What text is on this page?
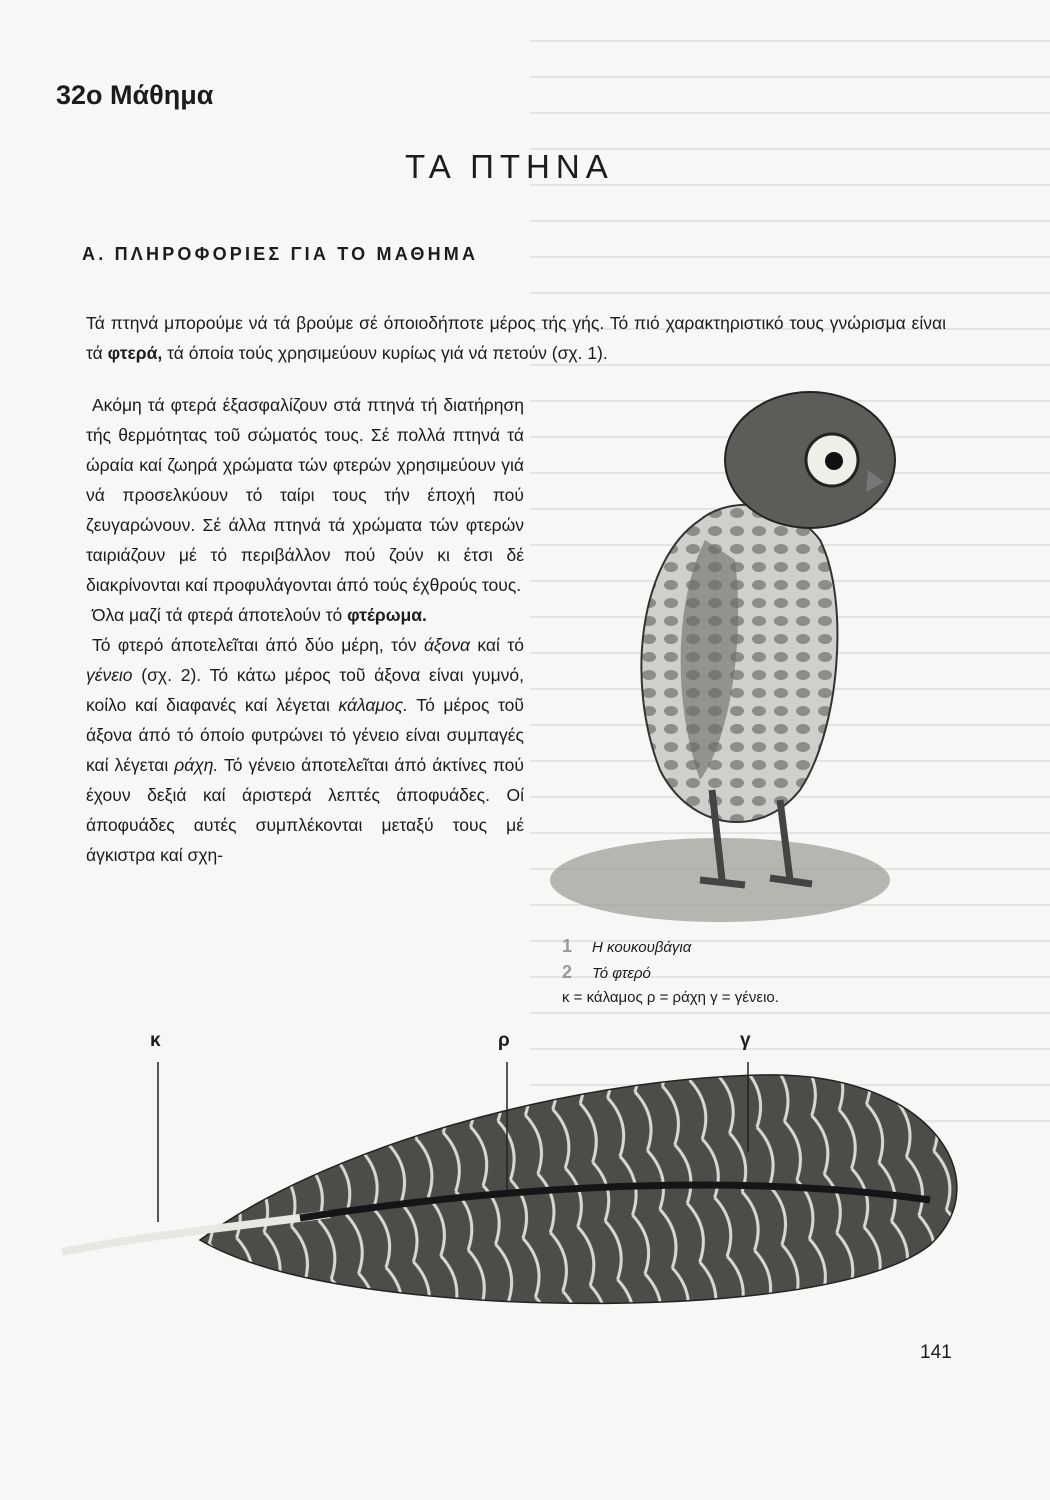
32ο Μάθημα
ΤΑ ΠΤΗΝΑ
Α. ΠΛΗΡΟΦΟΡΙΕΣ ΓΙΑ ΤΟ ΜΑΘΗΜΑ
Τά πτηνά μπορούμε νά τά βρούμε σέ όποιοδήποτε μέρος τής γής. Τό πιό χαρακτηριστικό τους γνώρισμα είναι τά φτερά, τά όποία τούς χρησιμεύουν κυρίως γιά νά πετούν (σχ. 1).

Ακόμη τά φτερά έξασφαλίζουν στά πτηνά τή διατήρηση τής θερμότητας τοῦ σώματός τους. Σέ πολλά πτηνά τά ώραία καί ζωηρά χρώματα τών φτερών χρησιμεύουν γιά νά προσελκύουν τό ταίρι τους τήν έποχή πού ζευγαρώνουν. Σέ άλλα πτηνά τά χρώματα τών φτερών ταιριάζουν μέ τό περιβάλλον πού ζούν κι έτσι δέ διακρίνονται καί προφυλάγονται άπό τούς έχθρούς τους.

Όλα μαζί τά φτερά άποτελούν τό φτέρωμα.

Τό φτερό άποτελεῖται άπό δύο μέρη, τόν άξονα καί τό γένειο (σχ. 2). Τό κάτω μέρος τοῦ άξονα είναι γυμνό, κοίλο καί διαφανές καί λέγεται κάλαμος. Τό μέρος τοῦ άξονα άπό τό όποίο φυτρώνει τό γένειο είναι συμπαγές καί λέγεται ράχη. Τό γένειο άποτελεῖται άπό άκτίνες πού έχουν δεξιά καί άριστερά λεπτές άποφυάδες. Οί άποφυάδες αυτές συμπλέκονται μεταξύ τους μέ άγκιστρα καί σχη-

1 Η κουκουβάγια
2 Τό φτερό
κ = κάλαμος ρ = ράχη γ = γένειο.
κ	ρ	γ
141
